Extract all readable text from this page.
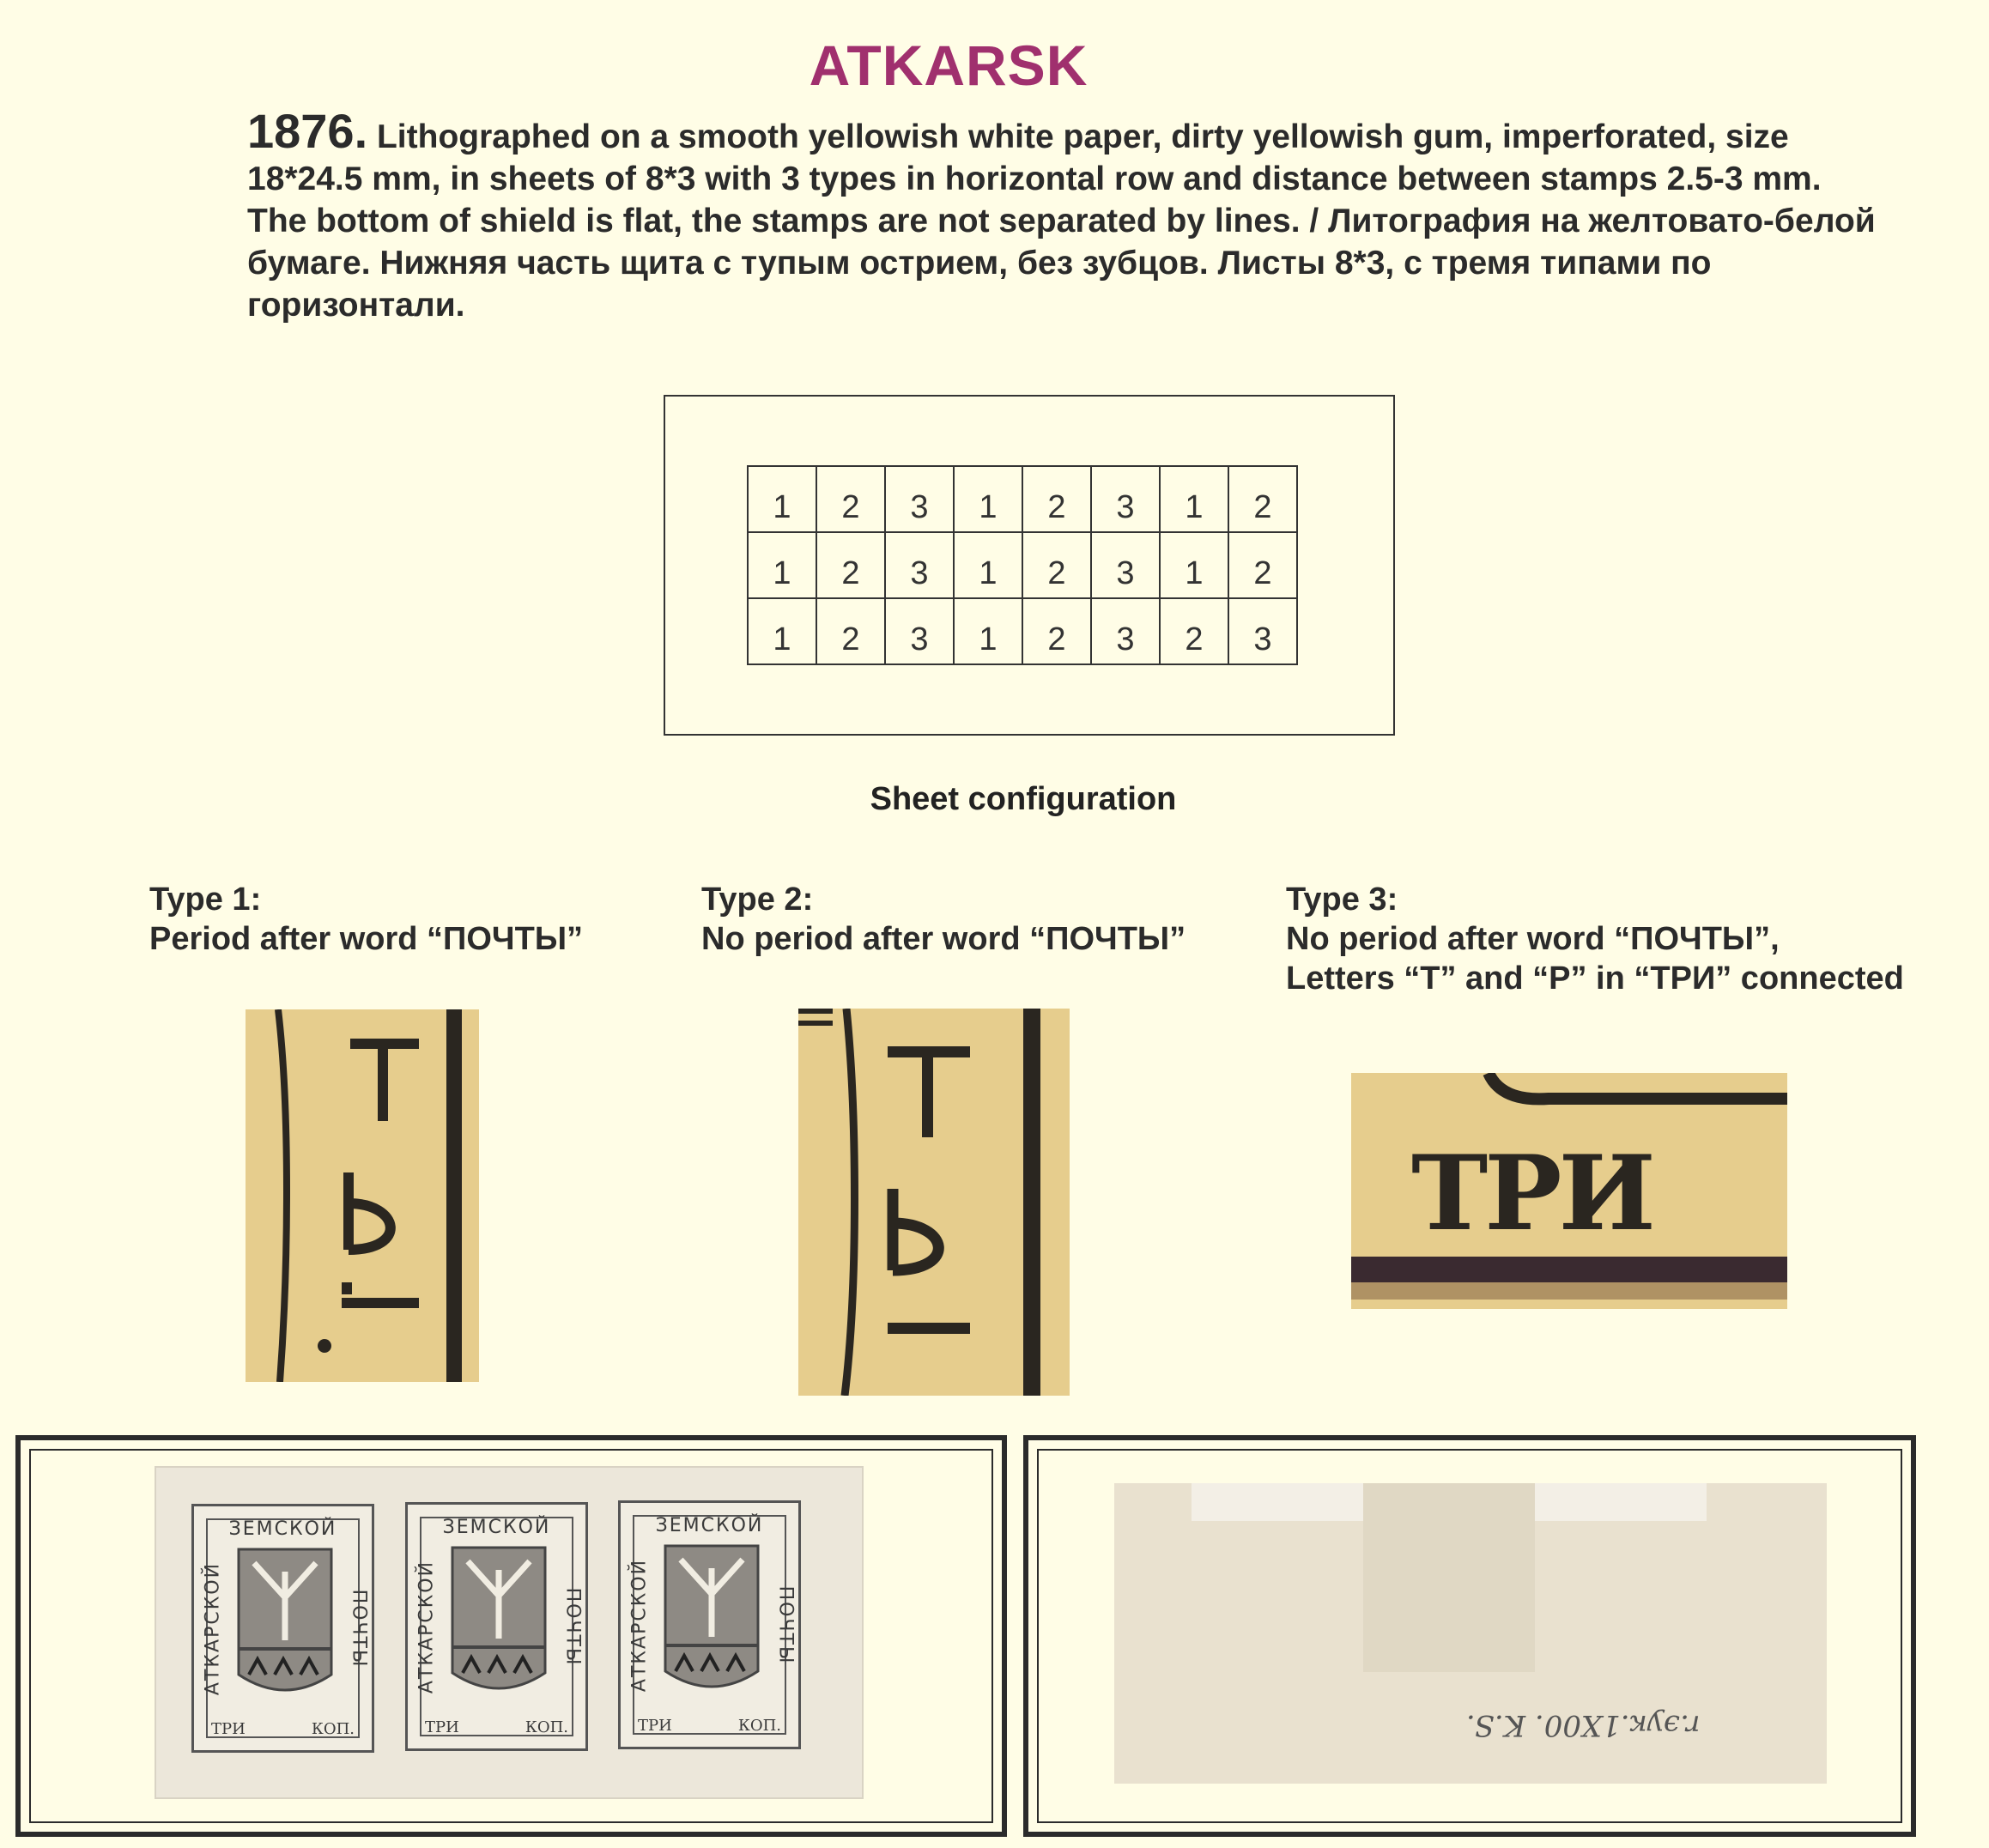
ATKARSK
1876. Lithographed on a smooth yellowish white paper, dirty yellowish gum, imperforated, size 18*24.5 mm, in sheets of 8*3 with 3 types in horizontal row and distance between stamps 2.5-3 mm. The bottom of shield is flat, the stamps are not separated by lines. / Литография на желтовато-белой бумаге. Нижняя часть щита с тупым острием, без зубцов. Листы 8*3, с тремя типами по горизонтали.
1	2	3	1	2	3	1	2
1	2	3	1	2	3	1	2
1	2	3	1	2	3	2	3
Sheet configuration
Type 1:
Period after word “ПОЧТЫ”
Type 2:
No period after word “ПОЧТЫ”
Type 3:
No period after word “ПОЧТЫ”,
Letters “T” and “P” in “ТРИ” connected
ТРИ
ЗЕМСКОЙ
АТКАРСКОЙ	ПОЧТЫ
ТРИ	КОП.
ЗЕМСКОЙ
АТКАРСКОЙ	ПОЧТЫ
ТРИ	КОП.
ЗЕМСКОЙ
АТКАРСКОЙ	ПОЧТЫ
ТРИ	КОП.	r.эyк.1X00. K.S.
